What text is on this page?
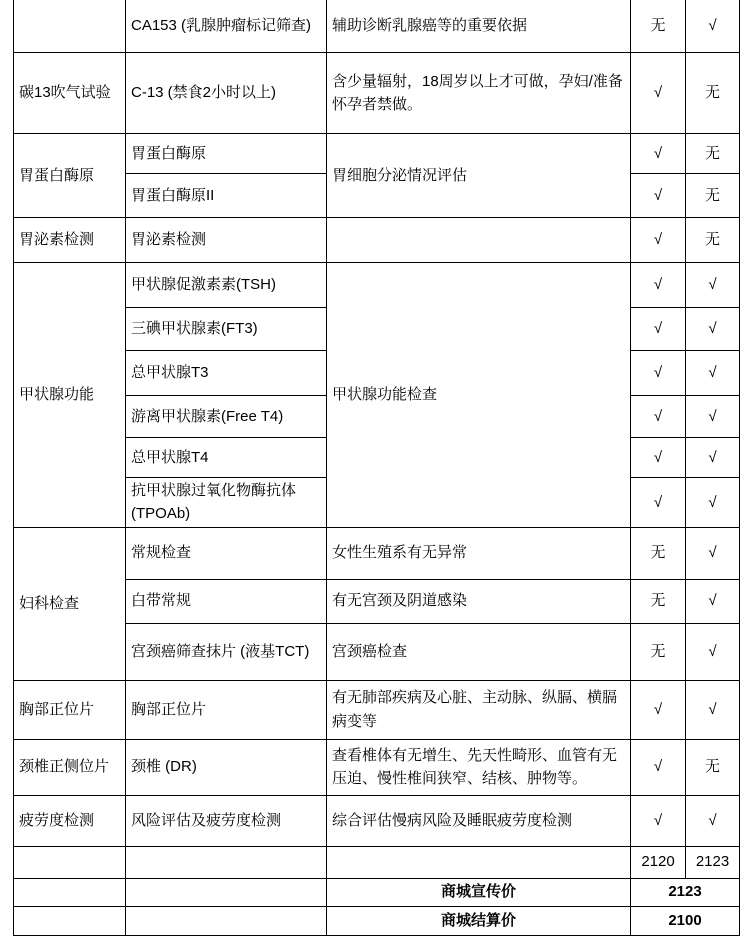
	CA153 (乳腺肿瘤标记筛查)	辅助诊断乳腺癌等的重要依据	无	√
碳13吹气试验	C-13 (禁食2小时以上)	含少量辐射，18周岁以上才可做，孕妇/准备怀孕者禁做。	√	无
胃蛋白酶原	胃蛋白酶原	胃细胞分泌情况评估	√	无
	胃蛋白酶原II		√	无
胃泌素检测	胃泌素检测		√	无
甲状腺功能	甲状腺促激素素(TSH)	甲状腺功能检查	√	√
	三碘甲状腺素(FT3)		√	√
	总甲状腺T3		√	√
	游离甲状腺素(Free T4)		√	√
	总甲状腺T4		√	√
	抗甲状腺过氧化物酶抗体 (TPOAb)		√	√
妇科检查	常规检查	女性生殖系有无异常	无	√
	白带常规	有无宫颈及阴道感染	无	√
	宫颈癌筛查抹片 (液基TCT)	宫颈癌检查	无	√
胸部正位片	胸部正位片	有无肺部疾病及心脏、主动脉、纵膈、横膈病变等	√	√
颈椎正侧位片	颈椎 (DR)	查看椎体有无增生、先天性畸形、血管有无压迫、慢性椎间狭窄、结核、肿物等。	√	无
疲劳度检测	风险评估及疲劳度检测	综合评估慢病风险及睡眠疲劳度检测	√	√
			2120	2123
		商城宣传价	2123	
		商城结算价	2100	
